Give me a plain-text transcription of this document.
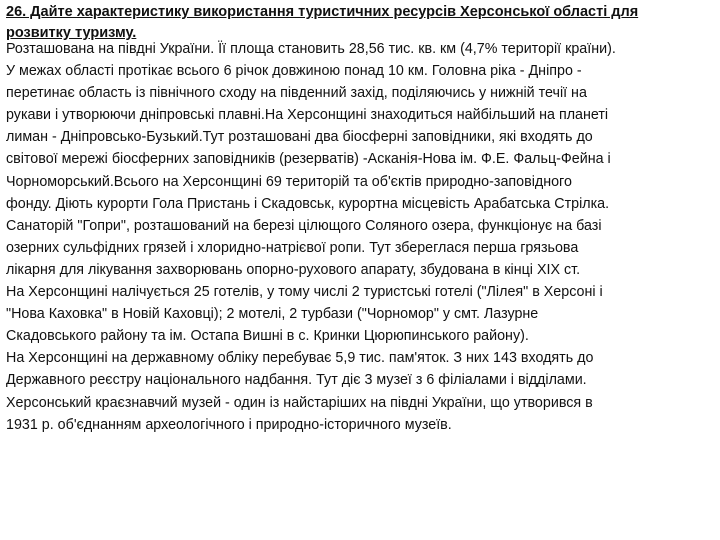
26. Дайте характеристику використання туристичних ресурсів Херсонської області для
розвитку туризму.

Розташована на півдні України. Її площа становить 28,56 тис. кв. км (4,7% території країни).
У межах області протікає всього 6 річок довжиною понад 10 км. Головна ріка - Дніпро -
перетинає область із північного сходу на південний захід, поділяючись у нижній течії на
рукави і утворюючи дніпровські плавні.На Херсонщині знаходиться найбільший на планеті
лиман - Дніпровсько-Бузький.Тут розташовані два біосферні заповідники, які входять до
світової мережі біосферних заповідників (резерватів) -Асканія-Нова ім. Ф.Е. Фальц-Фейна і
Чорноморський.Всього на Херсонщині 69 територій та об'єктів природно-заповідного
фонду. Діють курорти Гола Пристань і Скадовськ, курортна місцевість Арабатська Стрілка.
Санаторій "Гопри", розташований на березі цілющого Соляного озера, функціонує на базі
озерних сульфідних грязей і хлоридно-натрієвої ропи. Тут збереглася перша грязьова
лікарня для лікування захворювань опорно-рухового апарату, збудована в кінці XIX ст.

На Херсонщині налічується 25 готелів, у тому числі 2 туристські готелі ("Лілея" в Херсоні і
"Нова Каховка" в Новій Каховці); 2 мотелі, 2 турбази ("Чорномор" у смт. Лазурне
Скадовського району та ім. Остапа Вишні в с. Кринки Цюрюпинського району).

На Херсонщині на державному обліку перебуває 5,9 тис. пам'яток. З них 143 входять до
Державного реєстру національного надбання. Тут діє 3 музеї з 6 філіалами і відділами.
Херсонський краєзнавчий музей - один із найстаріших на півдні України, що утворився в
1931 р. об'єднанням археологічного і природно-історичного музеїв.
